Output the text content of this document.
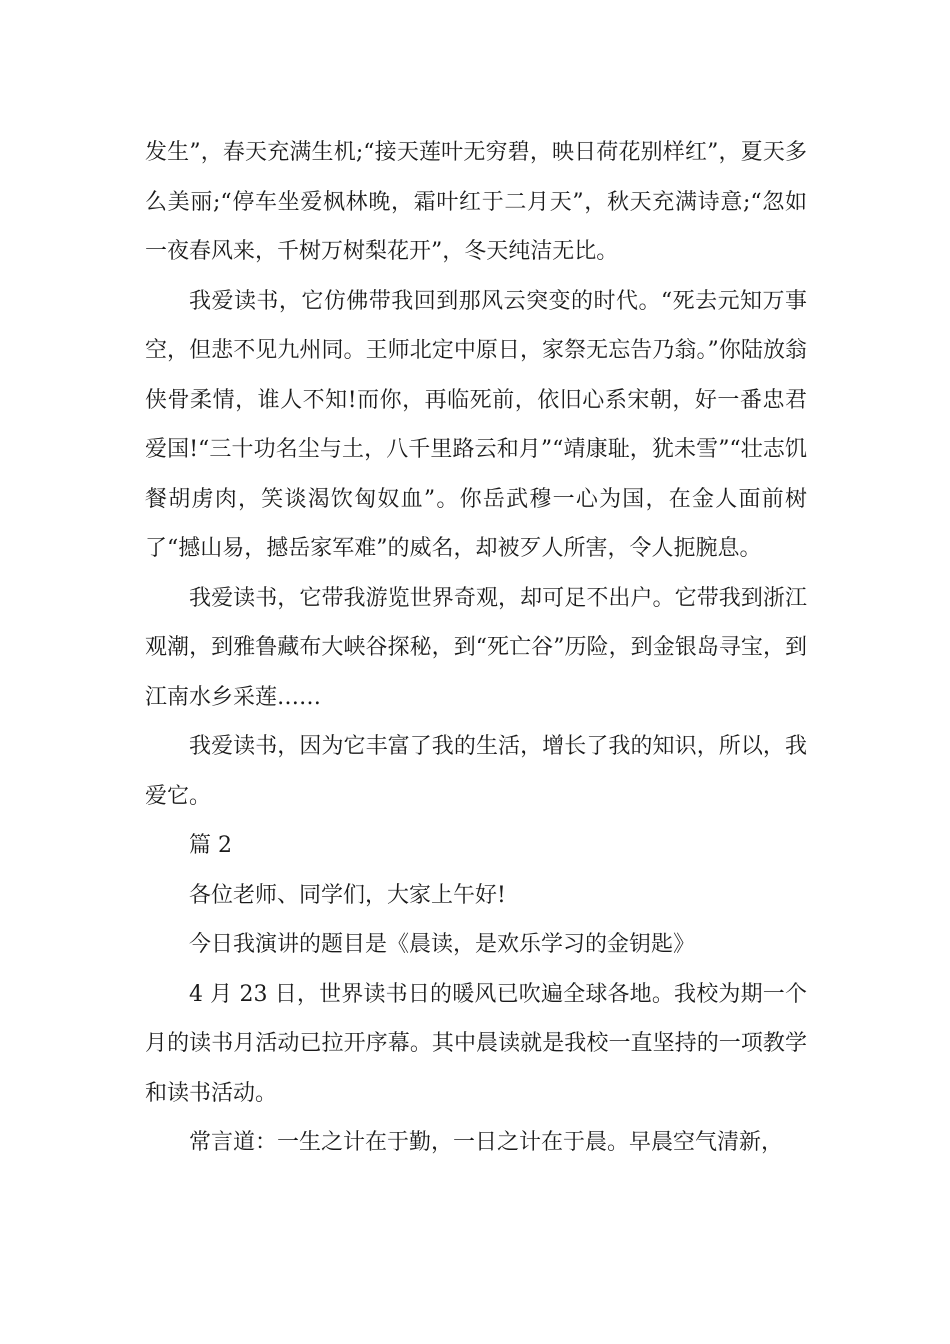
发生”，春天充满生机;“接天莲叶无穷碧，映日荷花别样红”，夏天多么美丽;“停车坐爱枫林晚，霜叶红于二月天”，秋天充满诗意;“忽如一夜春风来，千树万树梨花开”，冬天纯洁无比。

我爱读书，它仿佛带我回到那风云突变的时代。“死去元知万事空，但悲不见九州同。王师北定中原日，家祭无忘告乃翁。”你陆放翁侠骨柔情，谁人不知!而你，再临死前，依旧心系宋朝，好一番忠君爱国!“三十功名尘与土，八千里路云和月”“靖康耻，犹未雪”“壮志饥餐胡虏肉，笑谈渴饮匈奴血”。你岳武穆一心为国，在金人面前树了“撼山易，撼岳家军难”的威名，却被歹人所害，令人扼腕息。

我爱读书，它带我游览世界奇观，却可足不出户。它带我到浙江观潮，到雅鲁藏布大峡谷探秘，到“死亡谷”历险，到金银岛寻宝，到江南水乡采莲……

我爱读书，因为它丰富了我的生活，增长了我的知识，所以，我爱它。

篇 2

各位老师、同学们，大家上午好!

今日我演讲的题目是《晨读，是欢乐学习的金钥匙》

4 月 23 日，世界读书日的暖风已吹遍全球各地。我校为期一个月的读书月活动已拉开序幕。其中晨读就是我校一直坚持的一项教学和读书活动。

常言道：一生之计在于勤，一日之计在于晨。早晨空气清新，
